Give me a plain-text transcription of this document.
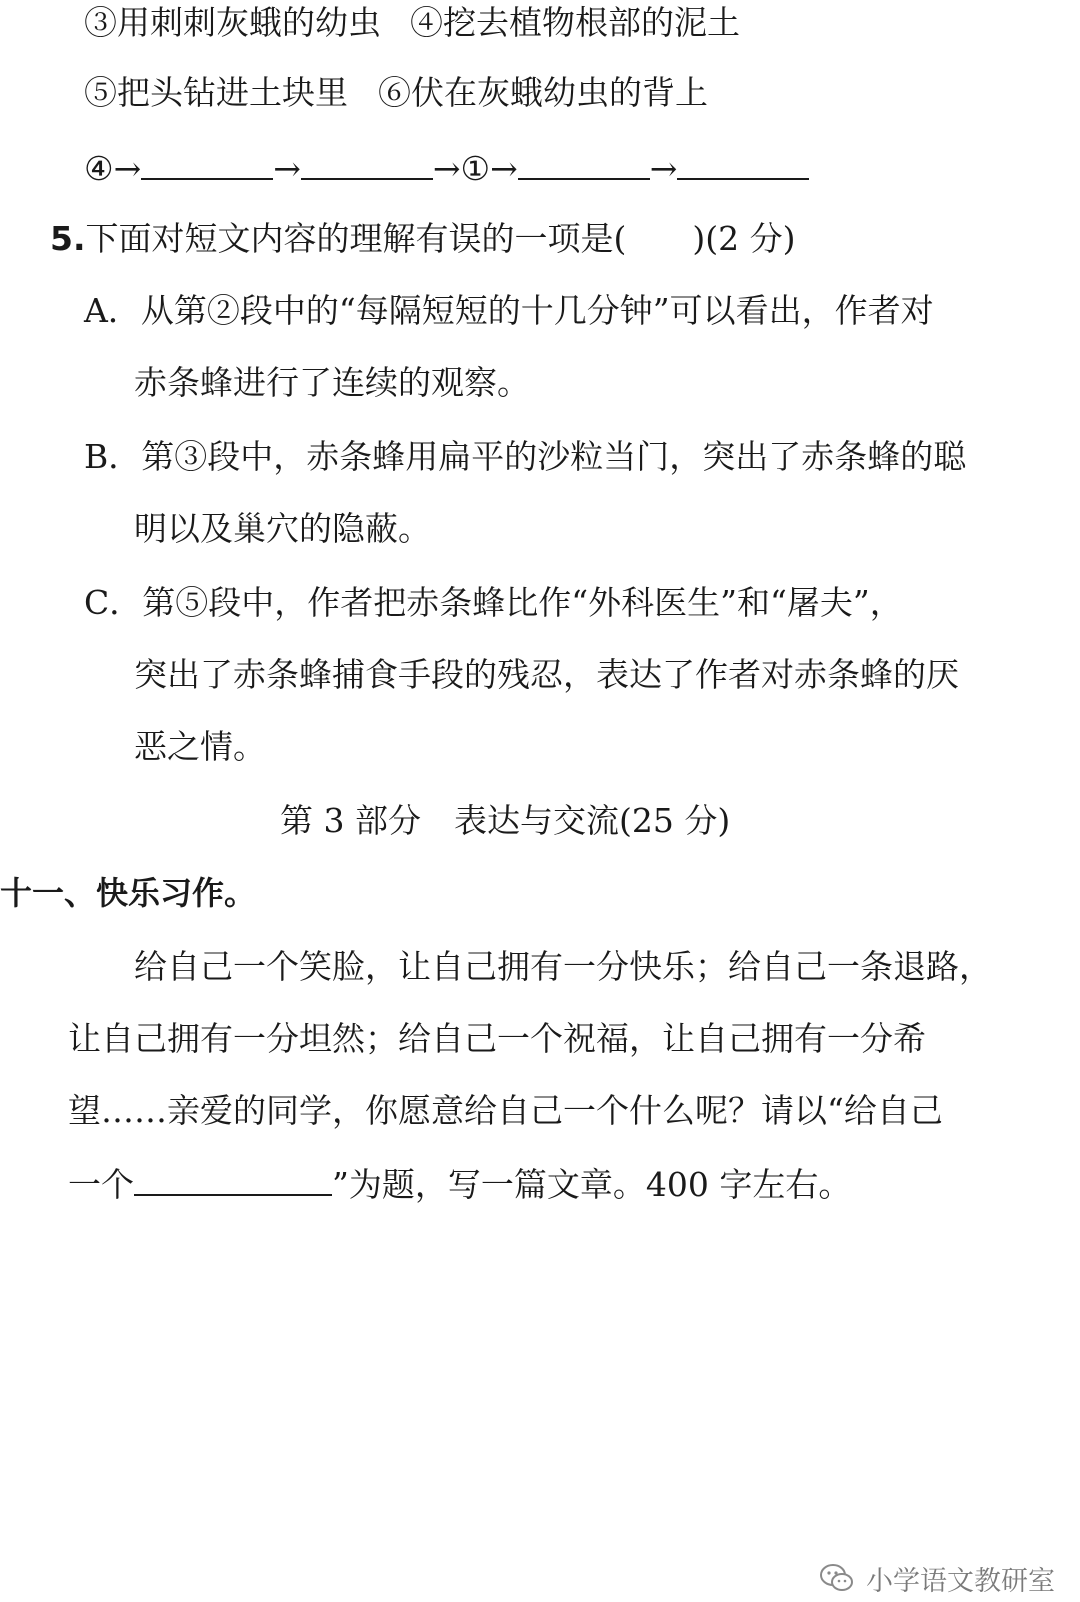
③用刺刺灰蛾的幼虫 ④挖去植物根部的泥土
⑤把头钻进土块里 ⑥伏在灰蛾幼虫的背上
④→	→	→①→	→
5.下面对短文内容的理解有误的一项是(　　)(2 分)
A．从第②段中的“每隔短短的十几分钟”可以看出，作者对
赤条蜂进行了连续的观察。
B．第③段中，赤条蜂用扁平的沙粒当门，突出了赤条蜂的聪
明以及巢穴的隐蔽。
C．第⑤段中，作者把赤条蜂比作“外科医生”和“屠夫”，
突出了赤条蜂捕食手段的残忍，表达了作者对赤条蜂的厌
恶之情。
第 3 部分　表达与交流(25 分)
十一、快乐习作。
给自己一个笑脸，让自己拥有一分快乐；给自己一条退路，
让自己拥有一分坦然；给自己一个祝福，让自己拥有一分希
望……亲爱的同学，你愿意给自己一个什么呢？请以“给自己
一个	”为题，写一篇文章。400 字左右。
小学语文教研室
